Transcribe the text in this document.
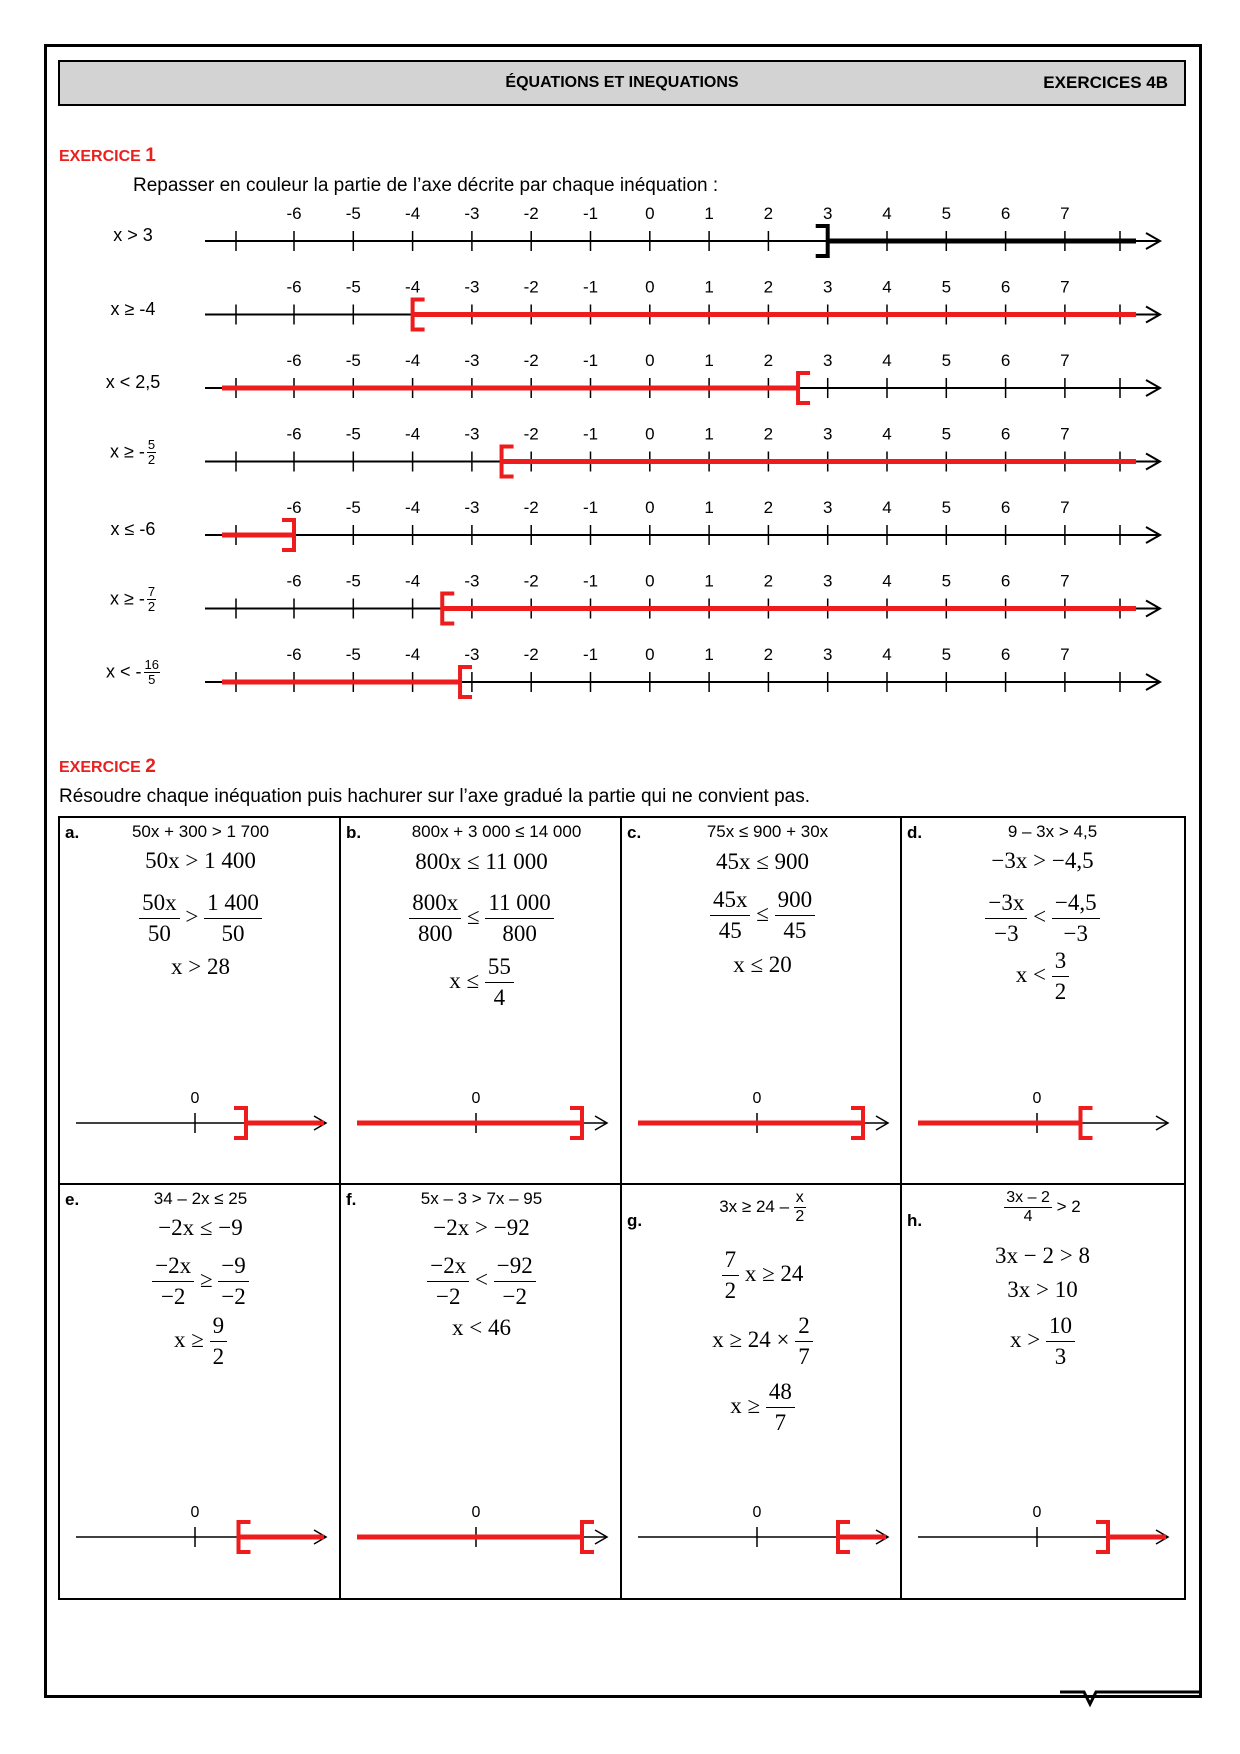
ÉQUATIONS ET INEQUATIONS	EXERCICES 4B
EXERCICE 1
Repasser en couleur la partie de l’axe décrite par chaque inéquation :
x > 3
x ≥ -4
x < 2,5
x ≥ - $\frac{5}{2}$
x ≤ -6
x ≥ - $\frac{7}{2}$
x < - $\frac{16}{5}$
-6	-5	-4	-3	-2	-1	0	1	2	3	4	5	6	7
-6	-5	-4	-3	-2	-1	0	1	2	3	4	5	6	7
-6	-5	-4	-3	-2	-1	0	1	2	3	4	5	6	7
-6	-5	-4	-3	-2	-1	0	1	2	3	4	5	6	7
-6	-5	-4	-3	-2	-1	0	1	2	3	4	5	6	7
-6	-5	-4	-3	-2	-1	0	1	2	3	4	5	6	7
-6	-5	-4	-3	-2	-1	0	1	2	3	4	5	6	7
EXERCICE 2
Résoudre chaque inéquation puis hachurer sur l’axe gradué la partie qui ne convient pas.
a.	50x + 300 > 1 700
50x > 1 400
$\frac{50x}{50} > \frac{1 400}{50}$
x > 28
b.	800x + 3 000 ≤ 14 000
800x ≤ 11 000
$\frac{800x}{800} \le \frac{11 000}{800}$
$x \le \frac{55}{4}$
c.	75x ≤ 900 + 30x
45x ≤ 900
$\frac{45x}{45} \le \frac{900}{45}$
x ≤ 20
d.	9 – 3x > 4,5
−3x > −4,5
$\frac{-3x}{-3} < \frac{-4,5}{-3}$
$x < \frac{3}{2}$
e.	34 – 2x ≤ 25
−2x ≤ −9
$\frac{-2x}{-2} \ge \frac{-9}{-2}$
$x \ge \frac{9}{2}$
f.	5x – 3 > 7x – 95
−2x > −92
$\frac{-2x}{-2} < \frac{-92}{-2}$
x < 46
g.
$3x \ge 24 - \frac{x}{2}$
$\frac{7}{2}$ x ≥ 24
$x \ge 24 \times \frac{2}{7}$
$x \ge \frac{48}{7}$
h.	$\frac{3x - 2}{4} > 2$
3x − 2 > 8
3x > 10
$x > \frac{10}{3}$
0	0	0	0
0	0	0	0
